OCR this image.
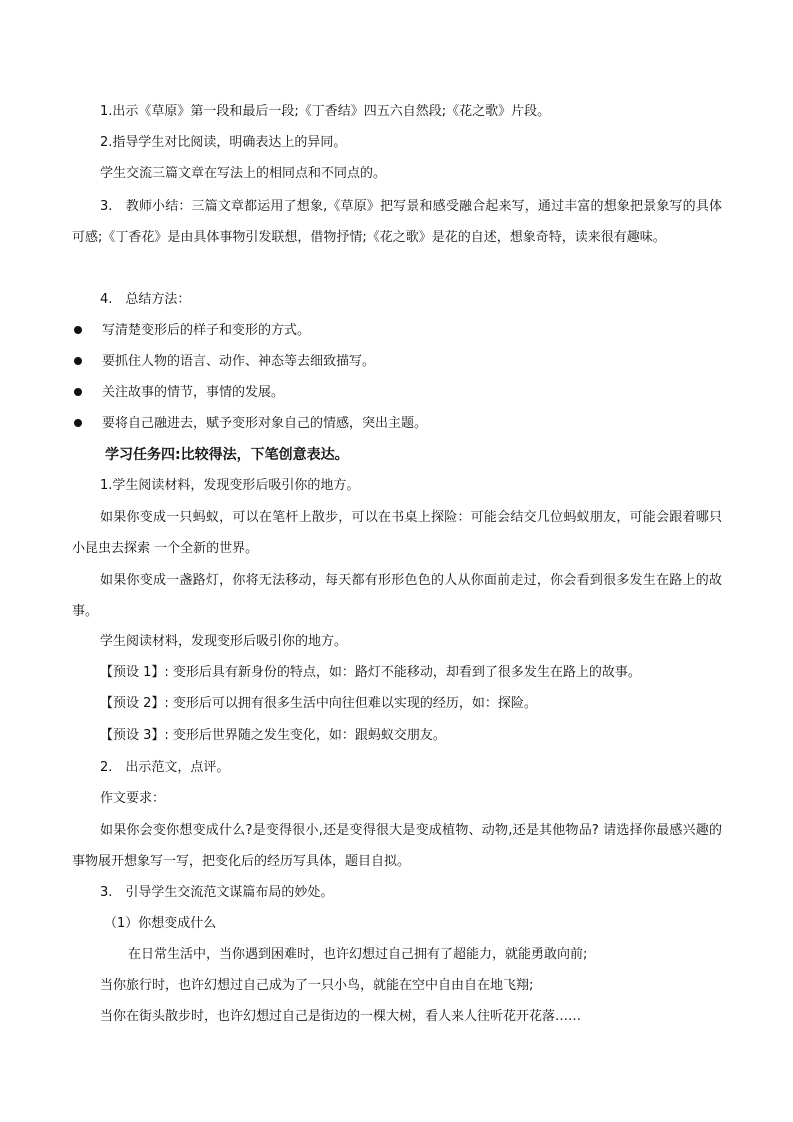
1.出示《草原》第一段和最后一段;《丁香结》四五六自然段;《花之歌》片段。
2.指导学生对比阅读，明确表达上的异同。
学生交流三篇文章在写法上的相同点和不同点的。
3.　教师小结：三篇文章都运用了想象,《草原》把写景和感受融合起来写，通过丰富的想象把景象写的具体可感;《丁香花》是由具体事物引发联想，借物抒情;《花之歌》是花的自述，想象奇特，读来很有趣味。
4.　总结方法：
写清楚变形后的样子和变形的方式。
要抓住人物的语言、动作、神态等去细致描写。
关注故事的情节，事情的发展。
要将自己融进去，赋予变形对象自己的情感，突出主题。
学习任务四:比较得法，下笔创意表达。
1.学生阅读材料，发现变形后吸引你的地方。
如果你变成一只蚂蚁，可以在笔杆上散步，可以在书桌上探险：可能会结交几位蚂蚁朋友，可能会跟着哪只小昆虫去探索 一个全新的世界。
如果你变成一盏路灯，你将无法移动，每天都有形形色色的人从你面前走过，你会看到很多发生在路上的故事。
学生阅读材料，发现变形后吸引你的地方。
【预设 1】: 变形后具有新身份的特点，如：路灯不能移动，却看到了很多发生在路上的故事。
【预设 2】: 变形后可以拥有很多生活中向往但难以实现的经历，如：探险。
【预设 3】: 变形后世界随之发生变化，如：跟蚂蚁交朋友。
2.　出示范文，点评。
作文要求：
如果你会变你想变成什么?是变得很小,还是变得很大是变成植物、动物,还是其他物品? 请选择你最感兴趣的事物展开想象写一写，把变化后的经历写具体，题目自拟。
3.　引导学生交流范文谋篇布局的妙处。
（1）你想变成什么
在日常生活中，当你遇到困难时，也许幻想过自己拥有了超能力，就能勇敢向前;
当你旅行时，也许幻想过自己成为了一只小鸟，就能在空中自由自在地飞翔;
当你在街头散步时，也许幻想过自己是街边的一棵大树，看人来人往听花开花落……
